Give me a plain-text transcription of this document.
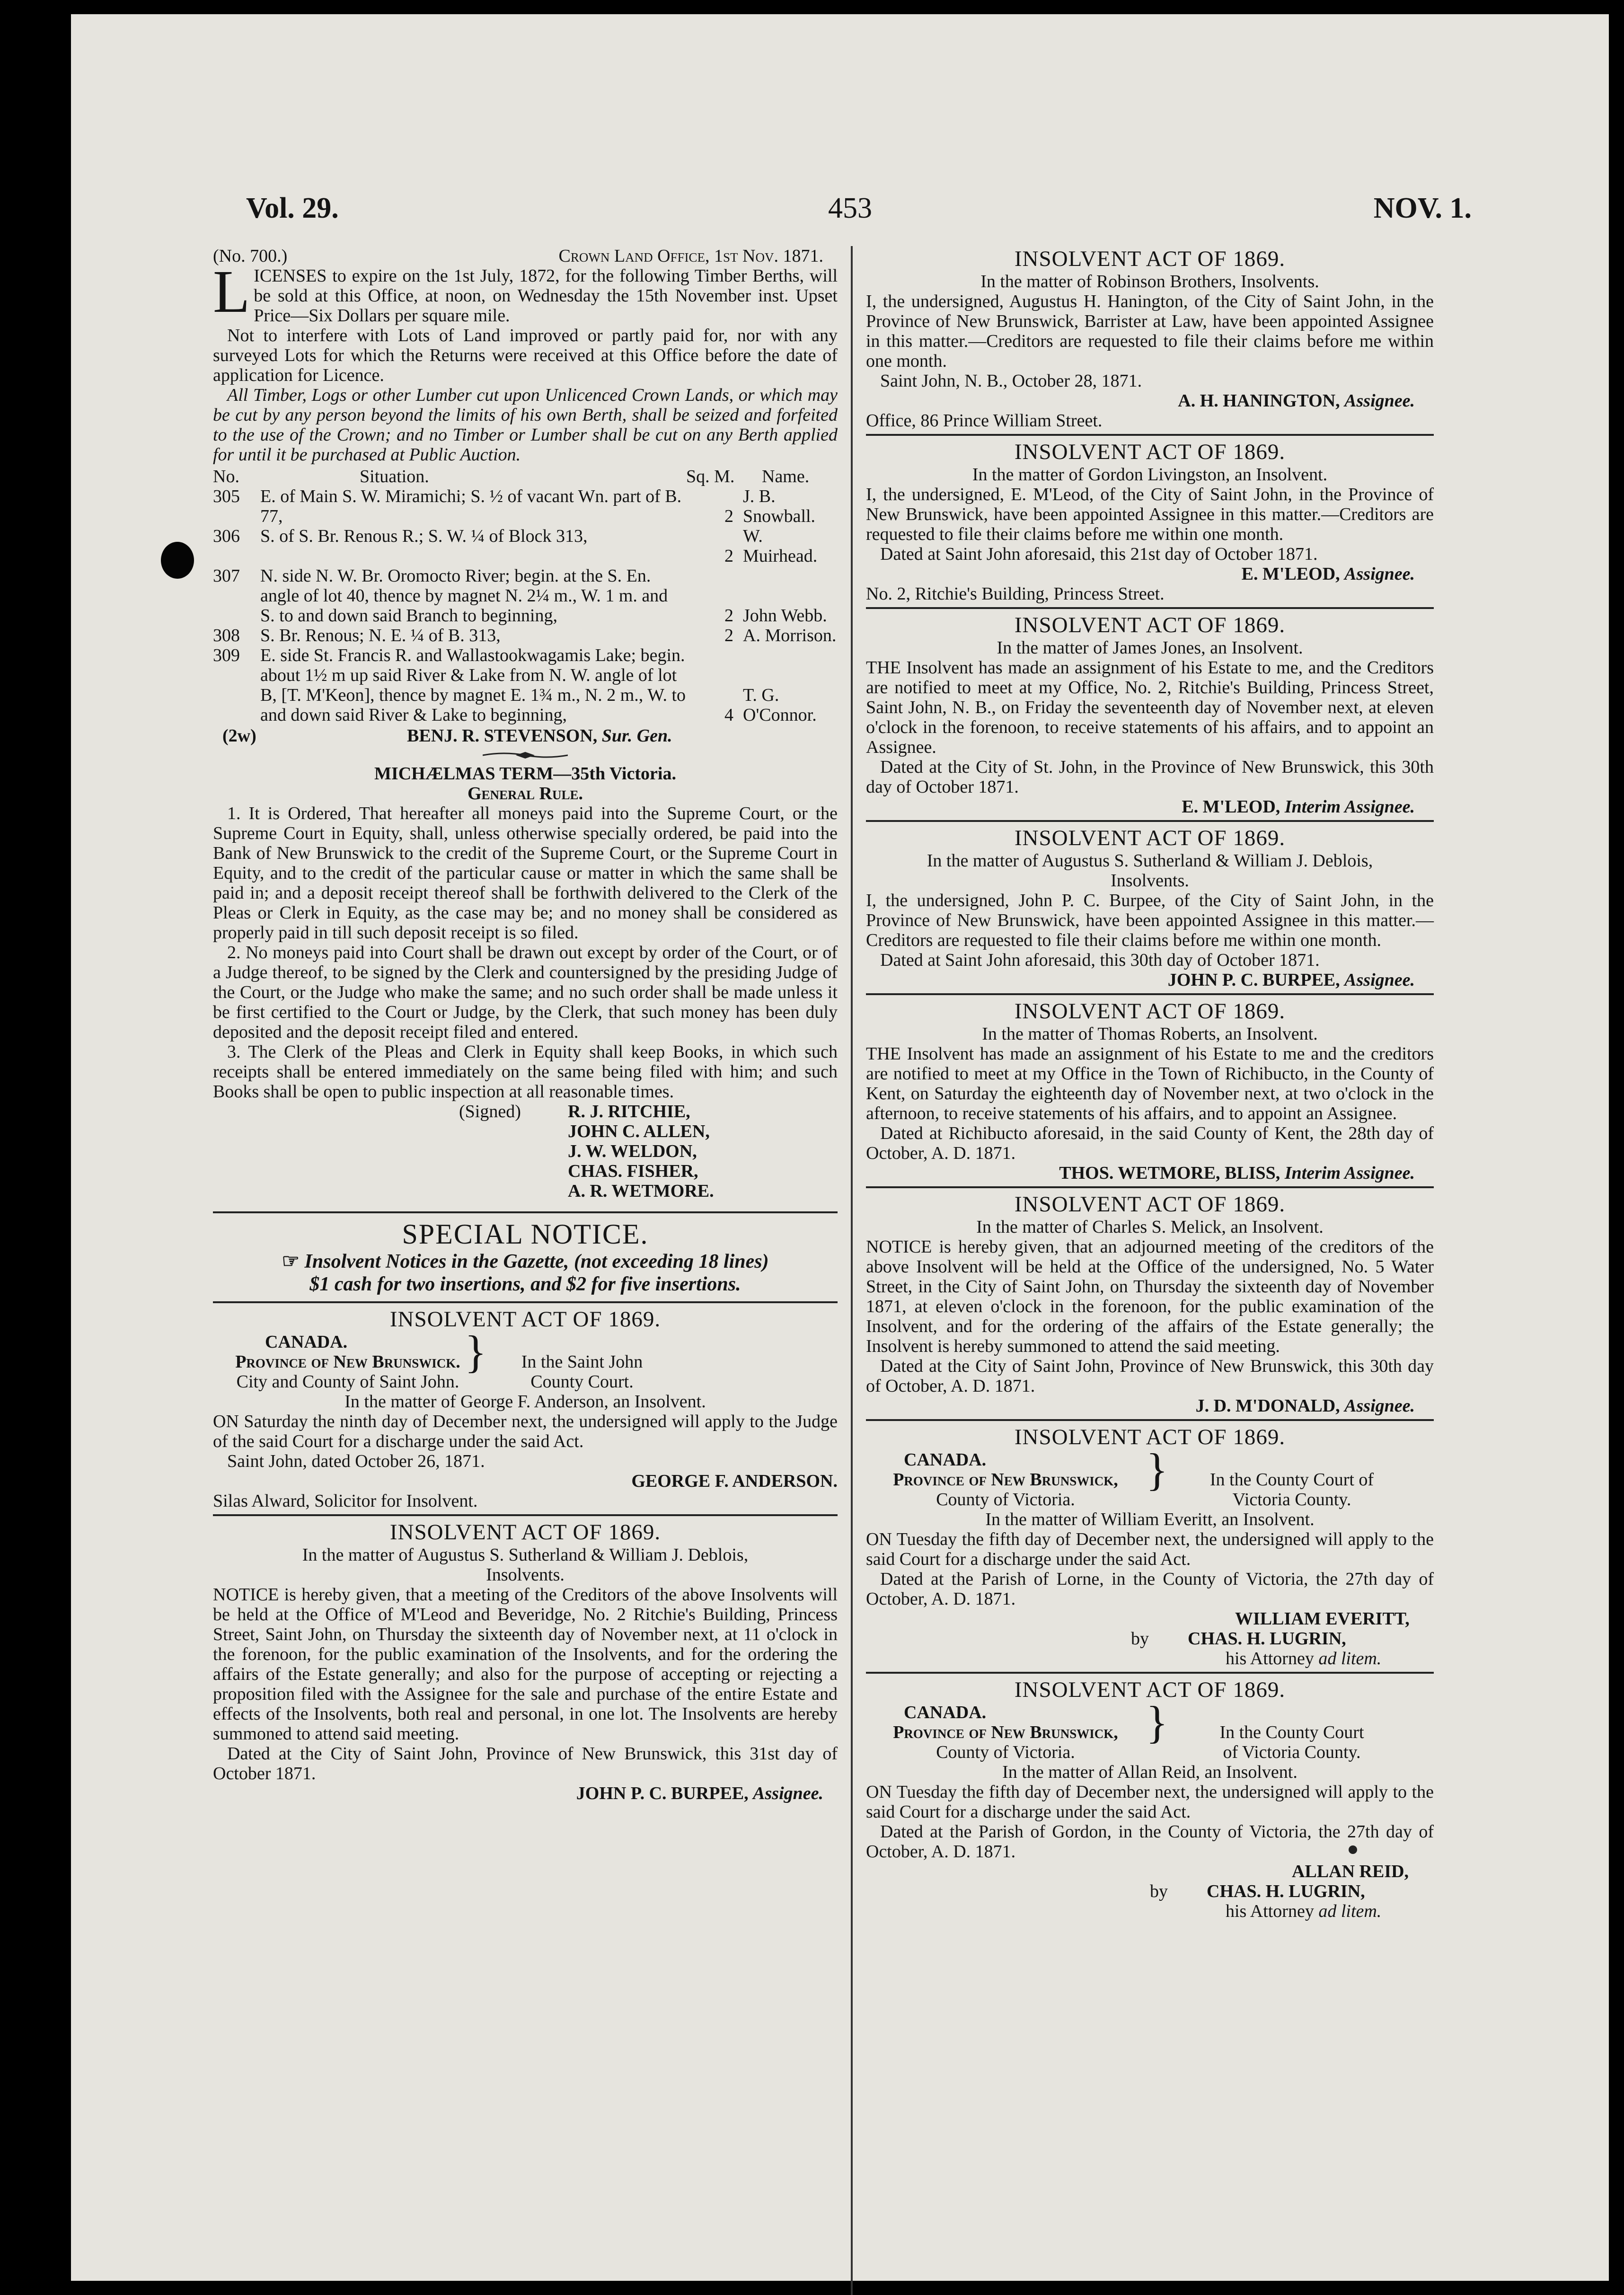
Vol. 29.	453	NOV. 1.
(No. 700.)	Crown Land Office, 1st Nov. 1871.

LICENSES to expire on the 1st July, 1872, for the following Timber Berths, will be sold at this Office, at noon, on Wednesday the 15th November inst. Upset Price—Six Dollars per square mile.

Not to interfere with Lots of Land improved or partly paid for, nor with any surveyed Lots for which the Returns were received at this Office before the date of application for Licence.

All Timber, Logs or other Lumber cut upon Unlicenced Crown Lands, or which may be cut by any person beyond the limits of his own Berth, shall be seized and forfeited to the use of the Crown; and no Timber or Lumber shall be cut on any Berth applied for until it be purchased at Public Auction.

No.	Situation.	Sq. M.	Name.
305	E. of Main S. W. Miramichi; S. ½ of vacant Wn. part of B. 77,	2	J. B. Snowball.
306	S. of S. Br. Renous R.; S. W. ¼ of Block 313,	2	W. Muirhead.
307	N. side N. W. Br. Oromocto River; begin. at the S. En. angle of lot 40, thence by magnet N. 2¼ m., W. 1 m. and S. to and down said Branch to beginning,	2	John Webb.
308	S. Br. Renous; N. E. ¼ of B. 313,	2	A. Morrison.
309	E. side St. Francis R. and Wallastookwagamis Lake; begin. about 1½ m up said River & Lake from N. W. angle of lot B, [T. M'Keon], thence by magnet E. 1¾ m., N. 2 m., W. to and down said River & Lake to beginning,	4	T. G. O'Connor.
(2w)	BENJ. R. STEVENSON, Sur. Gen.
MICHÆLMAS TERM—35th Victoria.
General Rule.

1. It is Ordered, That hereafter all moneys paid into the Supreme Court, or the Supreme Court in Equity, shall, unless otherwise specially ordered, be paid into the Bank of New Brunswick to the credit of the Supreme Court, or the Supreme Court in Equity, and to the credit of the particular cause or matter in which the same shall be paid in; and a deposit receipt thereof shall be forthwith delivered to the Clerk of the Pleas or Clerk in Equity, as the case may be; and no money shall be considered as properly paid in till such deposit receipt is so filed.

2. No moneys paid into Court shall be drawn out except by order of the Court, or of a Judge thereof, to be signed by the Clerk and countersigned by the presiding Judge of the Court, or the Judge who make the same; and no such order shall be made unless it be first certified to the Court or Judge, by the Clerk, that such money has been duly deposited and the deposit receipt filed and entered.

3. The Clerk of the Pleas and Clerk in Equity shall keep Books, in which such receipts shall be entered immediately on the same being filed with him; and such Books shall be open to public inspection at all reasonable times.

(Signed)	R. J. RITCHIE,
JOHN C. ALLEN,
J. W. WELDON,
CHAS. FISHER,
A. R. WETMORE.
SPECIAL NOTICE.
☞ Insolvent Notices in the Gazette, (not exceeding 18 lines)
$1 cash for two insertions, and $2 for five insertions.
INSOLVENT ACT OF 1869.
CANADA.
Province of New Brunswick.
City and County of Saint John.
	}	In the Saint John
County Court.
In the matter of George F. Anderson, an Insolvent.

ON Saturday the ninth day of December next, the undersigned will apply to the Judge of the said Court for a discharge under the said Act.

Saint John, dated October 26, 1871.

GEORGE F. ANDERSON.
Silas Alward, Solicitor for Insolvent.
INSOLVENT ACT OF 1869.
In the matter of Augustus S. Sutherland & William J. Deblois,
Insolvents.

NOTICE is hereby given, that a meeting of the Creditors of the above Insolvents will be held at the Office of M'Leod and Beveridge, No. 2 Ritchie's Building, Princess Street, Saint John, on Thursday the sixteenth day of November next, at 11 o'clock in the forenoon, for the public examination of the Insolvents, and for the ordering the affairs of the Estate generally; and also for the purpose of accepting or rejecting a proposition filed with the Assignee for the sale and purchase of the entire Estate and effects of the Insolvents, both real and personal, in one lot. The Insolvents are hereby summoned to attend said meeting.

Dated at the City of Saint John, Province of New Brunswick, this 31st day of October 1871.

JOHN P. C. BURPEE, Assignee.
INSOLVENT ACT OF 1869.
In the matter of Robinson Brothers, Insolvents.

I, the undersigned, Augustus H. Hanington, of the City of Saint John, in the Province of New Brunswick, Barrister at Law, have been appointed Assignee in this matter.—Creditors are requested to file their claims before me within one month.

Saint John, N. B., October 28, 1871.

A. H. HANINGTON, Assignee.
Office, 86 Prince William Street.
INSOLVENT ACT OF 1869.
In the matter of Gordon Livingston, an Insolvent.

I, the undersigned, E. M'Leod, of the City of Saint John, in the Province of New Brunswick, have been appointed Assignee in this matter.—Creditors are requested to file their claims before me within one month.

Dated at Saint John aforesaid, this 21st day of October 1871.

E. M'LEOD, Assignee.
No. 2, Ritchie's Building, Princess Street.
INSOLVENT ACT OF 1869.
In the matter of James Jones, an Insolvent.

THE Insolvent has made an assignment of his Estate to me, and the Creditors are notified to meet at my Office, No. 2, Ritchie's Building, Princess Street, Saint John, N. B., on Friday the seventeenth day of November next, at eleven o'clock in the forenoon, to receive statements of his affairs, and to appoint an Assignee.

Dated at the City of St. John, in the Province of New Brunswick, this 30th day of October 1871.

E. M'LEOD, Interim Assignee.
INSOLVENT ACT OF 1869.
In the matter of Augustus S. Sutherland & William J. Deblois,
Insolvents.

I, the undersigned, John P. C. Burpee, of the City of Saint John, in the Province of New Brunswick, have been appointed Assignee in this matter.—Creditors are requested to file their claims before me within one month.

Dated at Saint John aforesaid, this 30th day of October 1871.

JOHN P. C. BURPEE, Assignee.
INSOLVENT ACT OF 1869.
In the matter of Thomas Roberts, an Insolvent.

THE Insolvent has made an assignment of his Estate to me and the creditors are notified to meet at my Office in the Town of Richibucto, in the County of Kent, on Saturday the eighteenth day of November next, at two o'clock in the afternoon, to receive statements of his affairs, and to appoint an Assignee.

Dated at Richibucto aforesaid, in the said County of Kent, the 28th day of October, A. D. 1871.

THOS. WETMORE, BLISS, Interim Assignee.
INSOLVENT ACT OF 1869.
In the matter of Charles S. Melick, an Insolvent.

NOTICE is hereby given, that an adjourned meeting of the creditors of the above Insolvent will be held at the Office of the undersigned, No. 5 Water Street, in the City of Saint John, on Thursday the sixteenth day of November 1871, at eleven o'clock in the forenoon, for the public examination of the Insolvent, and for the ordering of the affairs of the Estate generally; the Insolvent is hereby summoned to attend the said meeting.

Dated at the City of Saint John, Province of New Brunswick, this 30th day of October, A. D. 1871.

J. D. M'DONALD, Assignee.
INSOLVENT ACT OF 1869.
CANADA.
Province of New Brunswick,
County of Victoria.
	}	In the County Court of
Victoria County.
In the matter of William Everitt, an Insolvent.

ON Tuesday the fifth day of December next, the undersigned will apply to the said Court for a discharge under the said Act.

Dated at the Parish of Lorne, in the County of Victoria, the 27th day of October, A. D. 1871.

WILLIAM EVERITT,
by CHAS. H. LUGRIN,
his Attorney ad litem.
INSOLVENT ACT OF 1869.
CANADA.
Province of New Brunswick,
County of Victoria.
	}	In the County Court
of Victoria County.
In the matter of Allan Reid, an Insolvent.

ON Tuesday the fifth day of December next, the undersigned will apply to the said Court for a discharge under the said Act.

Dated at the Parish of Gordon, in the County of Victoria, the 27th day of October, A. D. 1871.

ALLAN REID,
by CHAS. H. LUGRIN,
his Attorney ad litem.
